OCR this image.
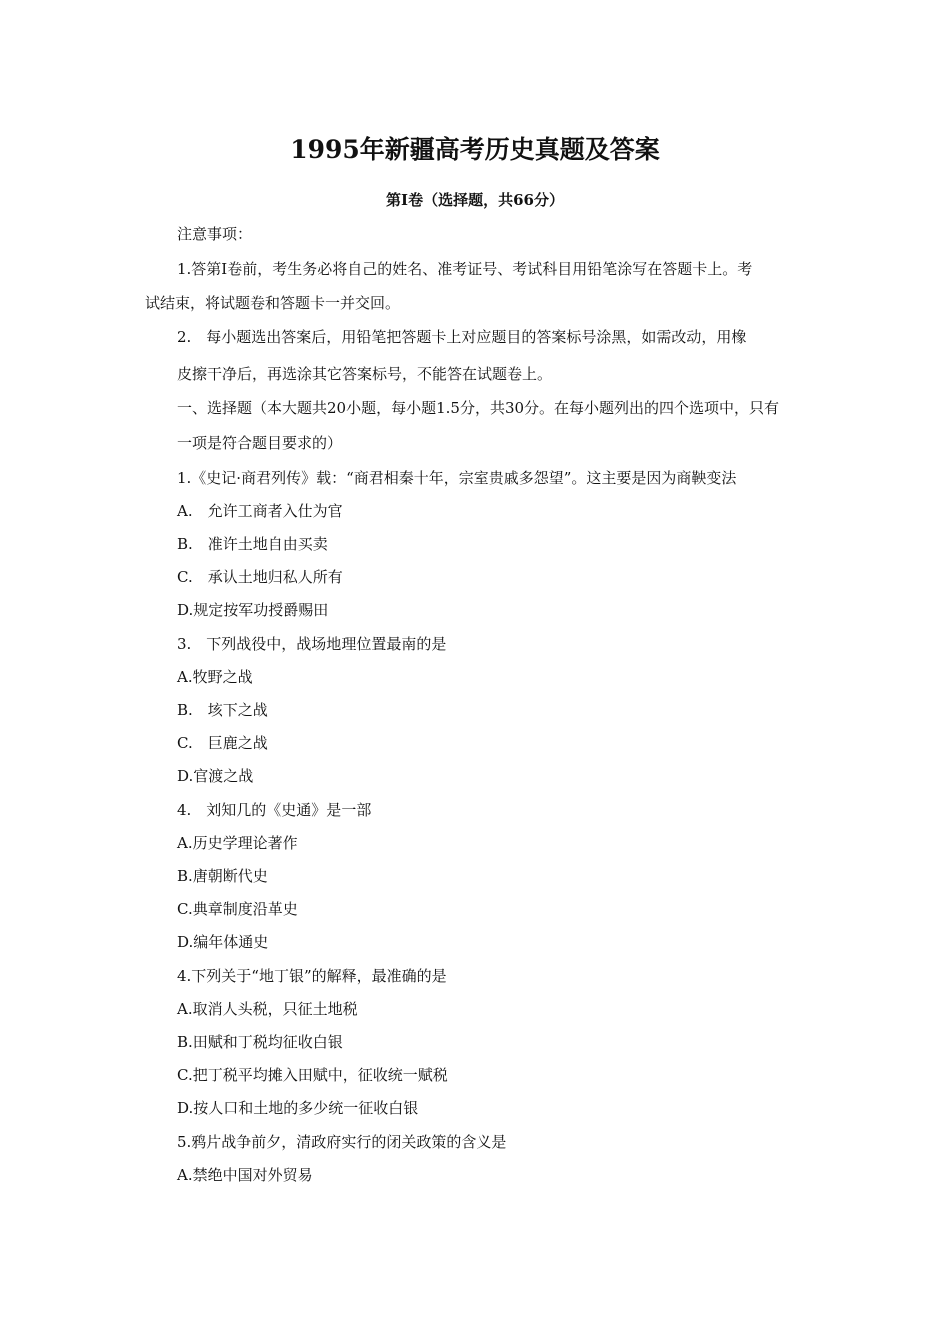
1995年新疆高考历史真题及答案
第Ⅰ卷（选择题，共66分）
注意事项：
1.答第Ⅰ卷前，考生务必将自己的姓名、准考证号、考试科目用铅笔涂写在答题卡上。考
试结束，将试题卷和答题卡一并交回。
2.　每小题选出答案后，用铅笔把答题卡上对应题目的答案标号涂黑，如需改动，用橡
皮擦干净后，再选涂其它答案标号，不能答在试题卷上。
一、选择题（本大题共20小题，每小题1.5分，共30分。在每小题列出的四个选项中，只有
一项是符合题目要求的）
1.《史记·商君列传》载：“商君相秦十年，宗室贵戚多怨望”。这主要是因为商鞅变法
A.　允许工商者入仕为官
B.　准许土地自由买卖
C.　承认土地归私人所有
D.规定按军功授爵赐田
3.　下列战役中，战场地理位置最南的是
A.牧野之战
B.　垓下之战
C.　巨鹿之战
D.官渡之战
4.　刘知几的《史通》是一部
A.历史学理论著作
B.唐朝断代史
C.典章制度沿革史
D.编年体通史
4.下列关于“地丁银”的解释，最准确的是
A.取消人头税，只征土地税
B.田赋和丁税均征收白银
C.把丁税平均摊入田赋中，征收统一赋税
D.按人口和土地的多少统一征收白银
5.鸦片战争前夕，清政府实行的闭关政策的含义是
A.禁绝中国对外贸易
